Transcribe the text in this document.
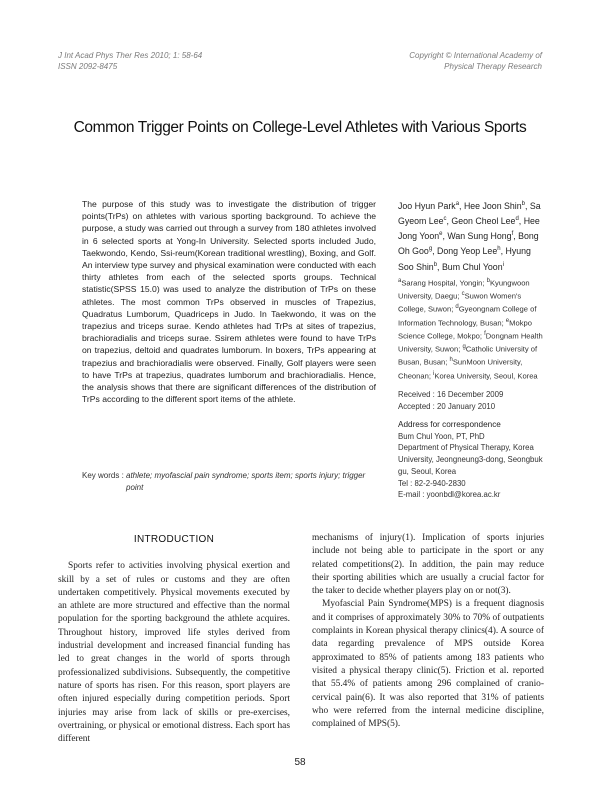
J Int Acad Phys Ther Res 2010; 1: 58-64
ISSN 2092-8475
Copyright © International Academy of
Physical Therapy Research
Common Trigger Points on College-Level Athletes with Various Sports
The purpose of this study was to investigate the distribution of trigger points(TrPs) on athletes with various sporting background. To achieve the purpose, a study was carried out through a survey from 180 athletes involved in 6 selected sports at Yong-In University. Selected sports included Judo, Taekwondo, Kendo, Ssi-reum(Korean traditional wrestling), Boxing, and Golf. An interview type survey and physical examination were conducted with each thirty athletes from each of the selected sports groups. Technical statistic(SPSS 15.0) was used to analyze the distribution of TrPs on these athletes. The most common TrPs observed in muscles of Trapezius, Quadratus Lumborum, Quadriceps in Judo. In Taekwondo, it was on the trapezius and triceps surae. Kendo athletes had TrPs at sites of trapezius, brachioradialis and triceps surae. Ssirem athletes were found to have TrPs on trapezius, deltoid and quadrates lumborum. In boxers, TrPs appearing at trapezius and brachioradialis were observed. Finally, Golf players were seen to have TrPs at trapezius, quadrates lumborum and brachioradialis. Hence, the analysis shows that there are significant differences of the distribution of TrPs according to the different sport items of the athlete.
Key words : athlete; myofascial pain syndrome; sports item; sports injury; trigger point
Joo Hyun Park$^a$, Hee Joon Shin$^b$, Sa Gyeom Lee$^c$, Geon Cheol Lee$^d$, Hee Jong Yoon$^e$, Wan Sung Hong$^f$, Bong Oh Goo$^g$, Dong Yeop Lee$^h$, Hyung Soo Shin$^b$, Bum Chul Yoon$^i$
$^a$Sarang Hospital, Yongin; $^b$Kyungwoon University, Daegu; $^c$Suwon Women's College, Suwon; $^d$Gyeongnam College of Information Technology, Busan; $^e$Mokpo Science College, Mokpo; $^f$Dongnam Health University, Suwon; $^g$Catholic University of Busan, Busan; $^h$SunMoon University, Cheonan; $^i$Korea University, Seoul, Korea
Received : 16 December 2009
Accepted : 20 January 2010
Address for correspondence
Bum Chul Yoon, PT, PhD
Department of Physical Therapy, Korea University, Jeongneung3-dong, Seongbuk gu, Seoul, Korea
Tel : 82-2-940-2830
E-mail : yoonbdl@korea.ac.kr
INTRODUCTION

Sports refer to activities involving physical exertion and skill by a set of rules or customs and they are often undertaken competitively. Physical movements executed by an athlete are more structured and effective than the normal population for the sporting background the athlete acquires. Throughout history, improved life styles derived from industrial development and increased financial funding has led to great changes in the world of sports through professionalized subdivisions. Subsequently, the competitive nature of sports has risen. For this reason, sport players are often injured especially during competition periods. Sport injuries may arise from lack of skills or pre-exercises, overtraining, or physical or emotional distress. Each sport has different

mechanisms of injury(1). Implication of sports injuries include not being able to participate in the sport or any related competitions(2). In addition, the pain may reduce their sporting abilities which are usually a crucial factor for the taker to decide whether players play on or not(3).

Myofascial Pain Syndrome(MPS) is a frequent diagnosis and it comprises of approximately 30% to 70% of outpatients complaints in Korean physical therapy clinics(4). A source of data regarding prevalence of MPS outside Korea approximated to 85% of patients among 183 patients who visited a physical therapy clinic(5). Friction et al. reported that 55.4% of patients among 296 complained of cranio-cervical pain(6). It was also reported that 31% of patients who were referred from the internal medicine discipline, complained of MPS(5).

58
